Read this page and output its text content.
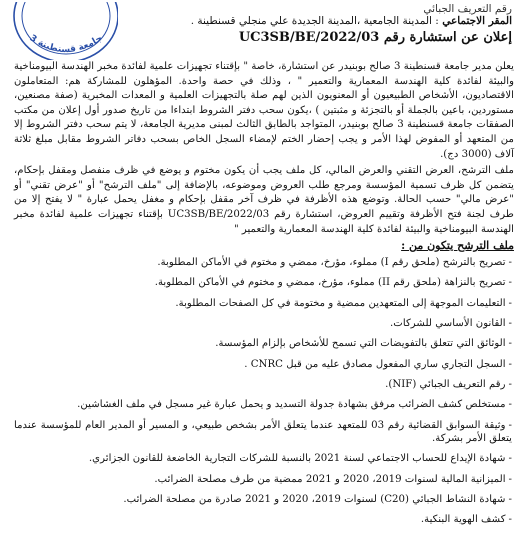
رقم التعريف الجبائي
المقر الاجتماعي : المدينة الجامعية ،المدينة الجديدة علي منجلي قسنطينة .
إعلان عن استشارة رقم 03/UC3SB/BE/2022
جامعة قسنطينة 3

يعلن مدير جامعة قسنطينة 3 صالح بوبنيدر عن استشارة، خاصة " بإقتناء تجهيزات علمية لفائدة مخبر الهندسة البيومناخية والبيئة لفائدة كلية الهندسة المعمارية والتعمير " ، وذلك في حصة واحدة. المؤهلون للمشاركة هم: المتعاملون الاقتصاديون، الأشخاص الطبيعيون أو المعنويون الذين لهم صلة بالتجهيزات العلمية و المعدات المخبرية (صفة مصنعين، مستوردين، باعين بالجملة أو بالتجزئة و مثبتين ) ،يكون سحب دفتر الشروط ابتداءا من تاريخ صدور أول إعلان من مكتب الصفقات جامعة قسنطينة 3 صالح بوبنيدر، المتواجد بالطابق الثالث لمبنى مديرية الجامعة، لا يتم سحب دفتر الشروط إلا من المتعهد أو المفوض لهذا الأمر و يجب إحضار الختم لإمضاء السجل الخاص بسحب دفاتر الشروط مقابل مبلغ ثلاثة آلاف (3000 دج).

ملف الترشح، العرض التقني والعرض المالي، كل ملف يجب أن يكون مختوم و يوضع في ظرف منفصل ومقفل بإحكام، يتضمن كل ظرف تسمية المؤسسة ومرجع طلب العروض وموضوعه، بالإضافة إلى "ملف الترشح" أو "عرض تقني" أو "عرض مالي" حسب الحالة. وتوضع هذه الأظرفة في ظرف آخر مقفل بإحكام و مغفل يحمل عبارة " لا يفتح إلا من طرف لجنة فتح الأظرفة وتقييم العروض، استشارة رقم 03/UC3SB/BE/2022 بإقتناء تجهيزات علمية لفائدة مخبر الهندسة البيومناخية والبيئة لفائدة كلية الهندسة المعمارية والتعمير "

ملف الترشح يتكون من :
-تصريح بالترشح (ملحق رقم I) مملوء، مؤرخ، ممضي و مختوم في الأماكن المطلوبة.
-تصريح بالنزاهة (ملحق رقم II) مملوء، مؤرخ، ممضي و مختوم في الأماكن المطلوبة.
-التعليمات الموجهة إلى المتعهدين ممضية و مختومة في كل الصفحات المطلوبة.
-القانون الأساسي للشركات.
-الوثائق التي تتعلق بالتفويضات التي تسمح للأشخاص بإلزام المؤسسة.
-السجل التجاري ساري المفعول مصادق عليه من قبل CNRC .
-رقم التعريف الجبائي (NIF).
-مستخلص كشف الضرائب مرفق بشهادة جدولة التسديد و يحمل عبارة غير مسجل في ملف الغشاشين.
-وثيقة السوابق القضائية رقم 03 للمتعهد عندما يتعلق الأمر بشخص طبيعي، و المسير أو المدير العام للمؤسسة عندما يتعلق الأمر بشركة.
-شهادة الإيداع للحساب الاجتماعي لسنة 2021 بالنسبة للشركات التجارية الخاضعة للقانون الجزائري.
-الميزانية المالية لسنوات 2019، 2020 و 2021 ممضية من طرف مصلحة الضرائب.
-شهادة النشاط الجبائي (C20) لسنوات 2019، 2020 و 2021 صادرة من مصلحة الضرائب.
-كشف الهوية البنكية.
